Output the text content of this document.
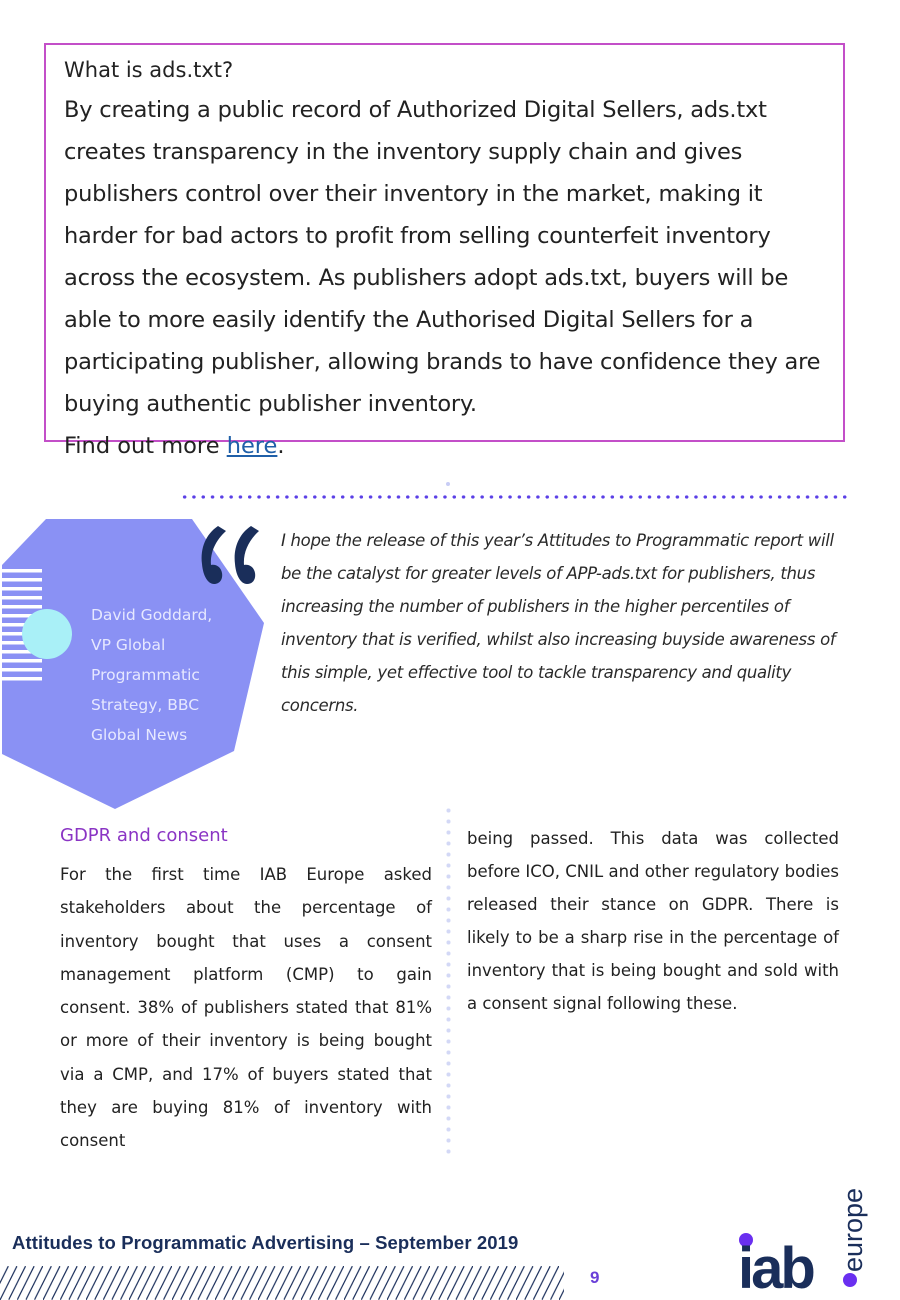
What is ads.txt?
By creating a public record of Authorized Digital Sellers, ads.txt creates transparency in the inventory supply chain and gives publishers control over their inventory in the market, making it harder for bad actors to profit from selling counterfeit inventory across the ecosystem. As publishers adopt ads.txt, buyers will be able to more easily identify the Authorised Digital Sellers for a participating publisher, allowing brands to have confidence they are buying authentic publisher inventory.
Find out more here.
David Goddard, VP Global Programmatic Strategy, BBC Global News
I hope the release of this year’s Attitudes to Programmatic report will be the catalyst for greater levels of APP-ads.txt for publishers, thus increasing the number of publishers in the higher percentiles of inventory that is verified, whilst also increasing buyside awareness of this simple, yet effective tool to tackle transparency and quality concerns.
GDPR and consent
For the first time IAB Europe asked stakeholders about the percentage of inventory bought that uses a consent management platform (CMP) to gain consent. 38% of publishers stated that 81% or more of their inventory is being bought via a CMP, and 17% of buyers stated that they are buying 81% of inventory with consent
being passed. This data was collected before ICO, CNIL and other regulatory bodies released their stance on GDPR. There is likely to be a sharp rise in the percentage of inventory that is being bought and sold with a consent signal following these.
Attitudes to Programmatic Advertising – September 2019
9 iab europe
